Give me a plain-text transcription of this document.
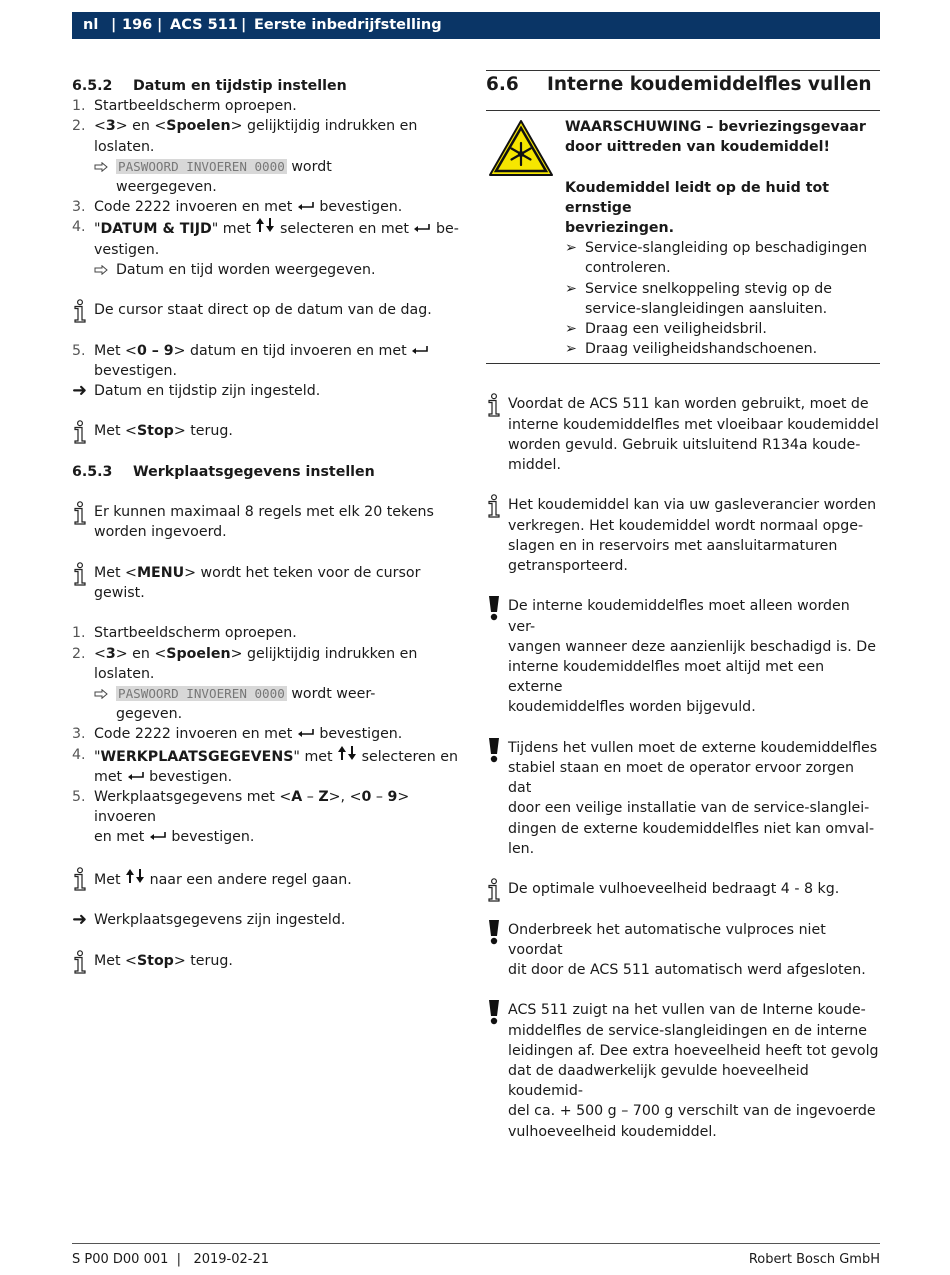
nl | 196 | ACS 511 | Eerste inbedrijfstelling
6.5.2 Datum en tijdstip instellen
1. Startbeeldscherm oproepen.
2. <3> en <Spoelen> gelijktijdig indrukken en loslaten.
PASWOORD INVOEREN 0000 wordt
weergegeven.
3. Code 2222 invoeren en met bevestigen.
4. "DATUM & TIJD" met selecteren en met be-
vestigen.
Datum en tijd worden weergegeven.
De cursor staat direct op de datum van de dag.
5. Met <0 – 9> datum en tijd invoeren en met
bevestigen.
➜ Datum en tijdstip zijn ingesteld.
Met <Stop> terug.
6.5.3 Werkplaatsgegevens instellen
Er kunnen maximaal 8 regels met elk 20 tekens
worden ingevoerd.
Met <MENU> wordt het teken voor de cursor gewist.
1. Startbeeldscherm oproepen.
2. <3> en <Spoelen> gelijktijdig indrukken en loslaten.
PASWOORD INVOEREN 0000 wordt weer-
gegeven.
3. Code 2222 invoeren en met bevestigen.
4. "WERKPLAATSGEGEVENS" met selecteren en
met bevestigen.
5. Werkplaatsgegevens met <A – Z>, <0 – 9> invoeren
en met bevestigen.
Met naar een andere regel gaan.
➜ Werkplaatsgegevens zijn ingesteld.
Met <Stop> terug.
6.6 Interne koudemiddelfles vullen
WAARSCHUWING – bevriezingsgevaar
door uittreden van koudemiddel!
Koudemiddel leidt op de huid tot ernstige
bevriezingen.
➢ Service-slangleiding op beschadigingen
controleren.
➢ Service snelkoppeling stevig op de
service-slangleidingen aansluiten.
➢ Draag een veiligheidsbril.
➢ Draag veiligheidshandschoenen.
Voordat de ACS 511 kan worden gebruikt, moet de
interne koudemiddelfles met vloeibaar koudemiddel
worden gevuld. Gebruik uitsluitend R134a koude-
middel.
Het koudemiddel kan via uw gasleverancier worden
verkregen. Het koudemiddel wordt normaal opge-
slagen en in reservoirs met aansluitarmaturen
getransporteerd.
De interne koudemiddelfles moet alleen worden ver-
vangen wanneer deze aanzienlijk beschadigd is. De
interne koudemiddelfles moet altijd met een externe
koudemiddelfles worden bijgevuld.
Tijdens het vullen moet de externe koudemiddelfles
stabiel staan en moet de operator ervoor zorgen dat
door een veilige installatie van de service-slanglei-
dingen de externe koudemiddelfles niet kan omval-
len.
De optimale vulhoeveelheid bedraagt 4 - 8 kg.
Onderbreek het automatische vulproces niet voordat
dit door de ACS 511 automatisch werd afgesloten.
ACS 511 zuigt na het vullen van de Interne koude-
middelfles de service-slangleidingen en de interne
leidingen af. Dee extra hoeveelheid heeft tot gevolg
dat de daadwerkelijk gevulde hoeveelheid koudemid-
del ca. + 500 g – 700 g verschilt van de ingevoerde
vulhoeveelheid koudemiddel.
S P00 D00 001  |   2019-02-21	Robert Bosch GmbH
